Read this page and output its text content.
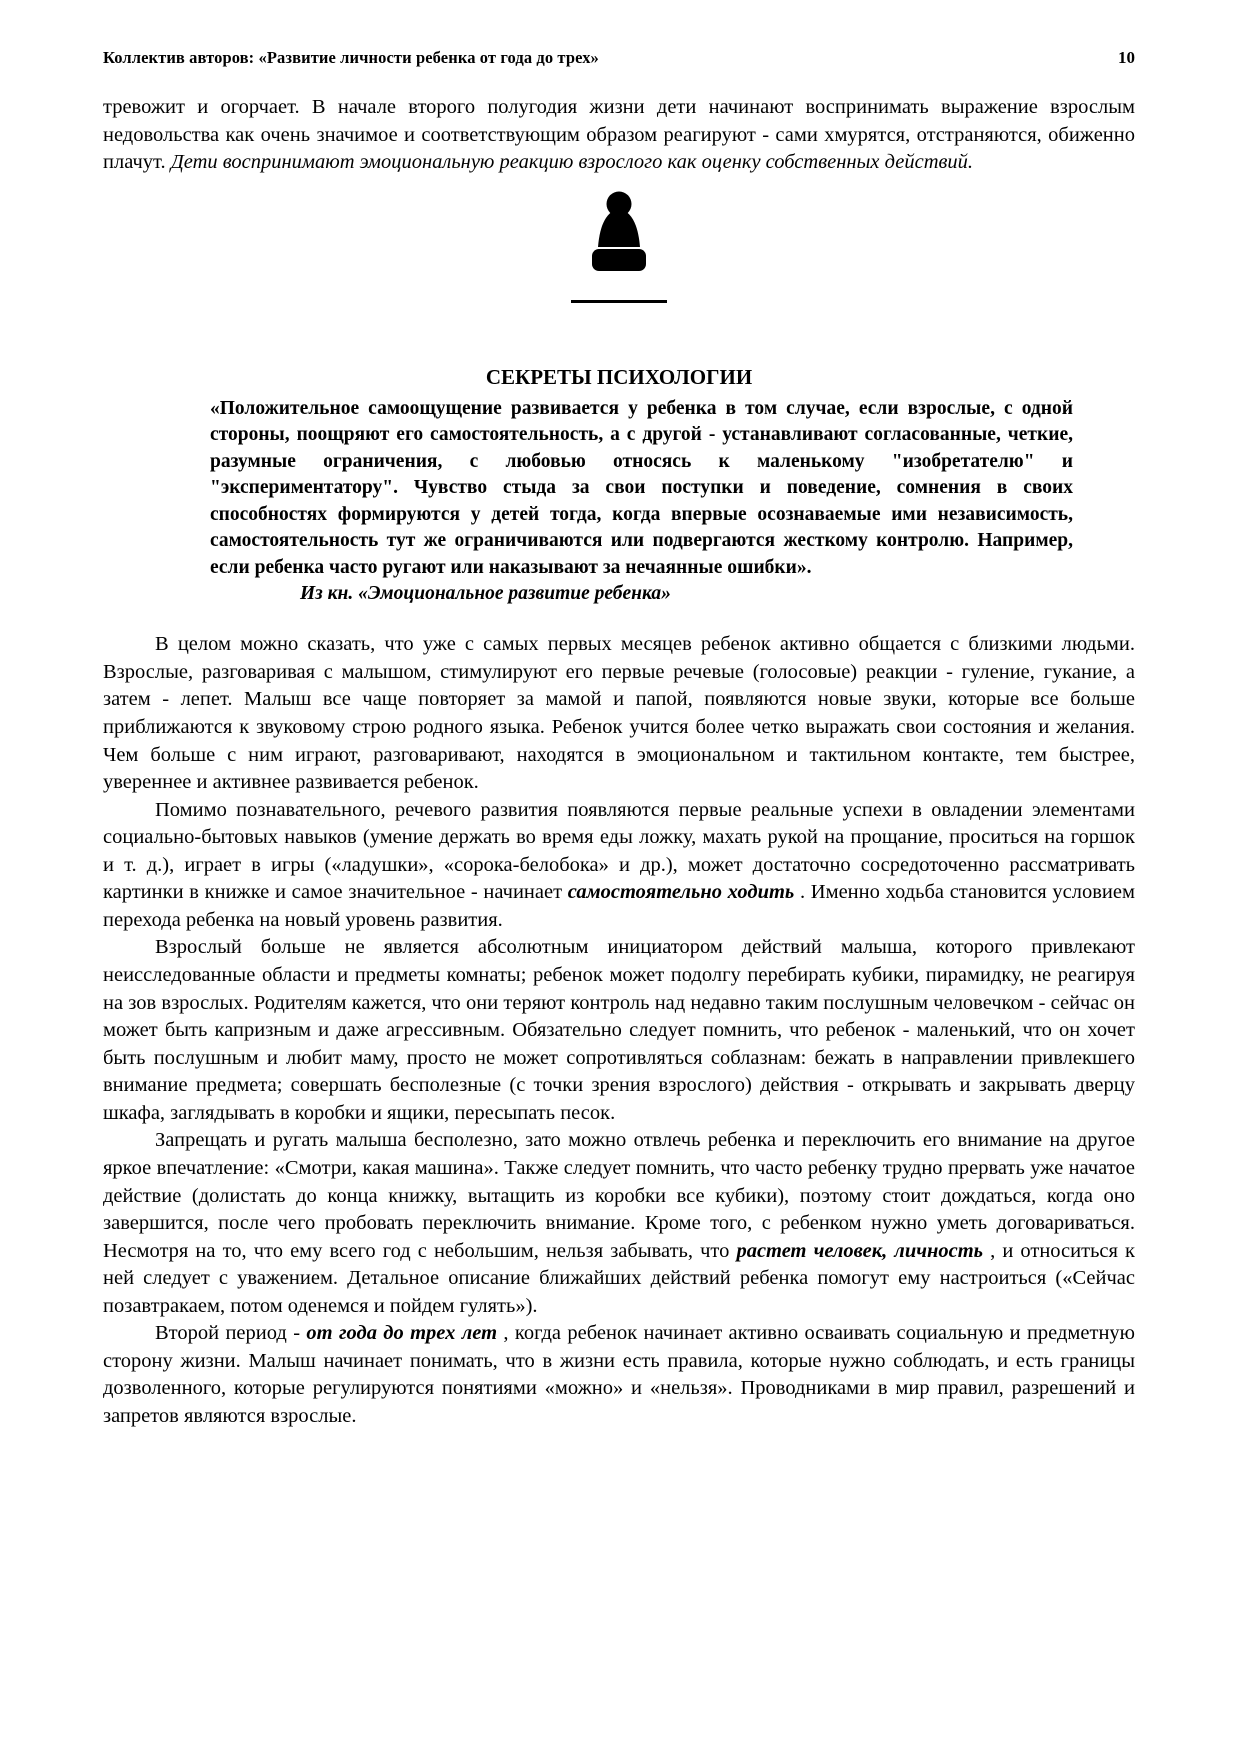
Коллектив авторов: «Развитие личности ребенка от года до трех»	10

тревожит и огорчает. В начале второго полугодия жизни дети начинают воспринимать выражение взрослым недовольства как очень значимое и соответствующим образом реагируют - сами хмурятся, отстраняются, обиженно плачут. Дети воспринимают эмоциональную реакцию взрослого как оценку собственных действий.

СЕКРЕТЫ ПСИХОЛОГИИ

«Положительное самоощущение развивается у ребенка в том случае, если взрослые, с одной стороны, поощряют его самостоятельность, а с другой - устанавливают согласованные, четкие, разумные ограничения, с любовью относясь к маленькому "изобретателю" и "экспериментатору". Чувство стыда за свои поступки и поведение, сомнения в своих способностях формируются у детей тогда, когда впервые осознаваемые ими независимость, самостоятельность тут же ограничиваются или подвергаются жесткому контролю. Например, если ребенка часто ругают или наказывают за нечаянные ошибки».

Из кн. «Эмоциональное развитие ребенка»

В целом можно сказать, что уже с самых первых месяцев ребенок активно общается с близкими людьми. Взрослые, разговаривая с малышом, стимулируют его первые речевые (голосовые) реакции - гуление, гукание, а затем - лепет. Малыш все чаще повторяет за мамой и папой, появляются новые звуки, которые все больше приближаются к звуковому строю родного языка. Ребенок учится более четко выражать свои состояния и желания. Чем больше с ним играют, разговаривают, находятся в эмоциональном и тактильном контакте, тем быстрее, увереннее и активнее развивается ребенок.

Помимо познавательного, речевого развития появляются первые реальные успехи в овладении элементами социально-бытовых навыков (умение держать во время еды ложку, махать рукой на прощание, проситься на горшок и т. д.), играет в игры («ладушки», «сорока-белобока» и др.), может достаточно сосредоточенно рассматривать картинки в книжке и самое значительное - начинает самостоятельно ходить . Именно ходьба становится условием перехода ребенка на новый уровень развития.

Взрослый больше не является абсолютным инициатором действий малыша, которого привлекают неисследованные области и предметы комнаты; ребенок может подолгу перебирать кубики, пирамидку, не реагируя на зов взрослых. Родителям кажется, что они теряют контроль над недавно таким послушным человечком - сейчас он может быть капризным и даже агрессивным. Обязательно следует помнить, что ребенок - маленький, что он хочет быть послушным и любит маму, просто не может сопротивляться соблазнам: бежать в направлении привлекшего внимание предмета; совершать бесполезные (с точки зрения взрослого) действия - открывать и закрывать дверцу шкафа, заглядывать в коробки и ящики, пересыпать песок.

Запрещать и ругать малыша бесполезно, зато можно отвлечь ребенка и переключить его внимание на другое яркое впечатление: «Смотри, какая машина». Также следует помнить, что часто ребенку трудно прервать уже начатое действие (долистать до конца книжку, вытащить из коробки все кубики), поэтому стоит дождаться, когда оно завершится, после чего пробовать переключить внимание. Кроме того, с ребенком нужно уметь договариваться. Несмотря на то, что ему всего год с небольшим, нельзя забывать, что растет человек, личность , и относиться к ней следует с уважением. Детальное описание ближайших действий ребенка помогут ему настроиться («Сейчас позавтракаем, потом оденемся и пойдем гулять»).

Второй период - от года до трех лет , когда ребенок начинает активно осваивать социальную и предметную сторону жизни. Малыш начинает понимать, что в жизни есть правила, которые нужно соблюдать, и есть границы дозволенного, которые регулируются понятиями «можно» и «нельзя». Проводниками в мир правил, разрешений и запретов являются взрослые.
